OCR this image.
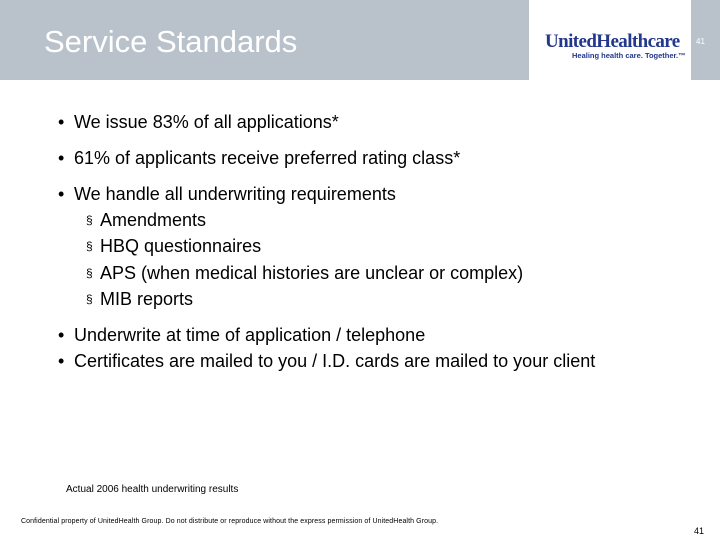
Service Standards	UnitedHealthcare
Healing health care. Together.™
41
• We issue 83% of all applications*
• 61% of applicants receive preferred rating class*
• We handle all underwriting requirements
§ Amendments
§ HBQ questionnaires
§ APS (when medical histories are unclear or complex)
§ MIB reports
• Underwrite at time of application / telephone
• Certificates are mailed to you / I.D. cards are mailed to your client
Actual 2006 health underwriting results
Confidential property of UnitedHealth Group. Do not distribute or reproduce without the express permission of UnitedHealth Group.
41
